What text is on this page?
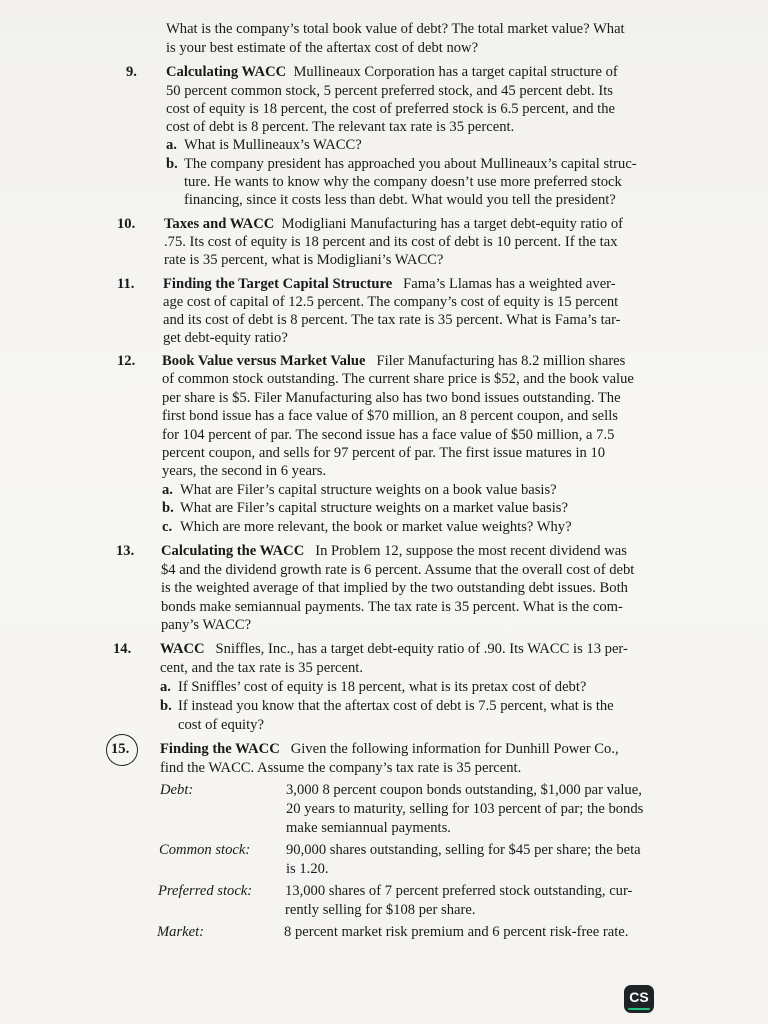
What is the company’s total book value of debt? The total market value? What
is your best estimate of the aftertax cost of debt now?
9. Calculating WACC Mullineaux Corporation has a target capital structure of
50 percent common stock, 5 percent preferred stock, and 45 percent debt. Its
cost of equity is 18 percent, the cost of preferred stock is 6.5 percent, and the
cost of debt is 8 percent. The relevant tax rate is 35 percent.
a. What is Mullineaux’s WACC?
b. The company president has approached you about Mullineaux’s capital struc-
ture. He wants to know why the company doesn’t use more preferred stock
financing, since it costs less than debt. What would you tell the president?
10. Taxes and WACC Modigliani Manufacturing has a target debt-equity ratio of
.75. Its cost of equity is 18 percent and its cost of debt is 10 percent. If the tax
rate is 35 percent, what is Modigliani’s WACC?
11. Finding the Target Capital Structure Fama’s Llamas has a weighted aver-
age cost of capital of 12.5 percent. The company’s cost of equity is 15 percent
and its cost of debt is 8 percent. The tax rate is 35 percent. What is Fama’s tar-
get debt-equity ratio?
12. Book Value versus Market Value Filer Manufacturing has 8.2 million shares
of common stock outstanding. The current share price is $52, and the book value
per share is $5. Filer Manufacturing also has two bond issues outstanding. The
first bond issue has a face value of $70 million, an 8 percent coupon, and sells
for 104 percent of par. The second issue has a face value of $50 million, a 7.5
percent coupon, and sells for 97 percent of par. The first issue matures in 10
years, the second in 6 years.
a. What are Filer’s capital structure weights on a book value basis?
b. What are Filer’s capital structure weights on a market value basis?
c. Which are more relevant, the book or market value weights? Why?
13. Calculating the WACC In Problem 12, suppose the most recent dividend was
$4 and the dividend growth rate is 6 percent. Assume that the overall cost of debt
is the weighted average of that implied by the two outstanding debt issues. Both
bonds make semiannual payments. The tax rate is 35 percent. What is the com-
pany’s WACC?
14. WACC Sniffles, Inc., has a target debt-equity ratio of .90. Its WACC is 13 per-
cent, and the tax rate is 35 percent.
a. If Sniffles’ cost of equity is 18 percent, what is its pretax cost of debt?
b. If instead you know that the aftertax cost of debt is 7.5 percent, what is the
cost of equity?
15. Finding the WACC Given the following information for Dunhill Power Co.,
find the WACC. Assume the company’s tax rate is 35 percent.
Debt:	3,000 8 percent coupon bonds outstanding, $1,000 par value,
20 years to maturity, selling for 103 percent of par; the bonds
make semiannual payments.
Common stock: 90,000 shares outstanding, selling for $45 per share; the beta
is 1.20.
Preferred stock: 13,000 shares of 7 percent preferred stock outstanding, cur-
rently selling for $108 per share.
Market:	8 percent market risk premium and 6 percent risk-free rate.
CS
